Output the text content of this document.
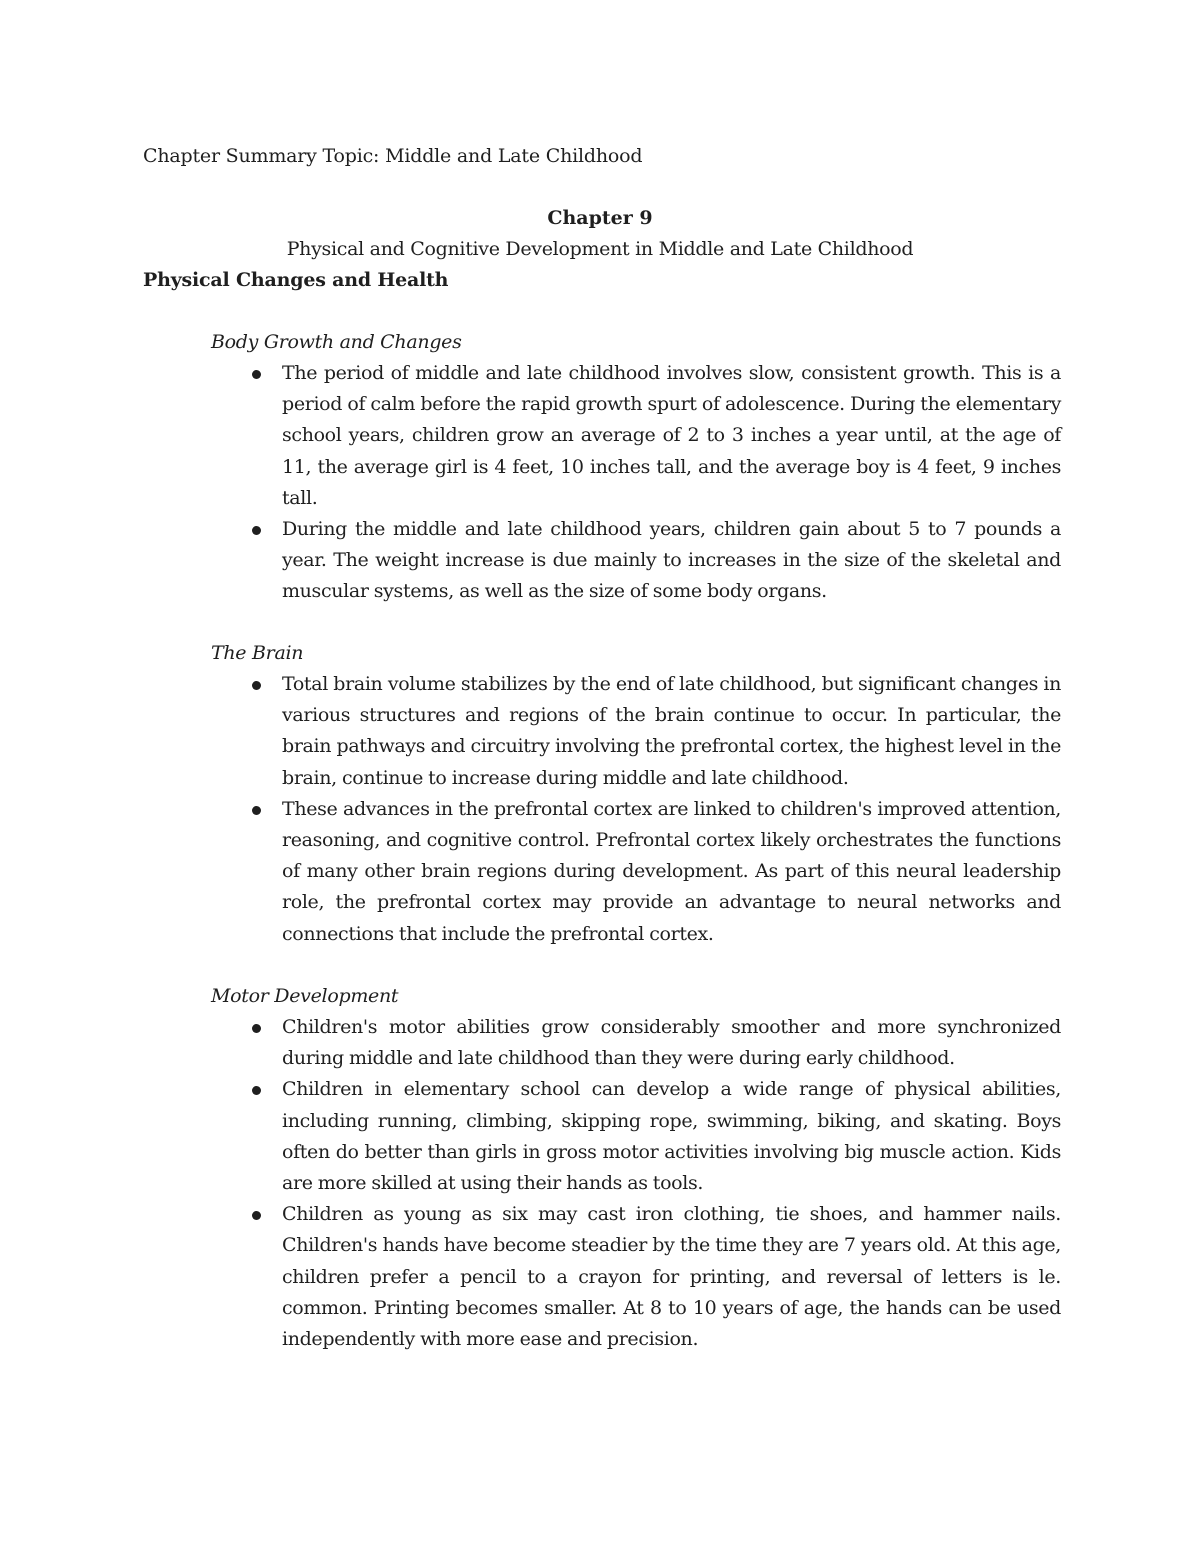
Chapter Summary Topic: Middle and Late Childhood
Chapter 9
Physical and Cognitive Development in Middle and Late Childhood
Physical Changes and Health
Body Growth and Changes
The period of middle and late childhood involves slow, consistent growth. This is a period of calm before the rapid growth spurt of adolescence. During the elementary school years, children grow an average of 2 to 3 inches a year until, at the age of 11, the average girl is 4 feet, 10 inches tall, and the average boy is 4 feet, 9 inches tall.
During the middle and late childhood years, children gain about 5 to 7 pounds a year. The weight increase is due mainly to increases in the size of the skeletal and muscular systems, as well as the size of some body organs.
The Brain
Total brain volume stabilizes by the end of late childhood, but significant changes in various structures and regions of the brain continue to occur. In particular, the brain pathways and circuitry involving the prefrontal cortex, the highest level in the brain, continue to increase during middle and late childhood.
These advances in the prefrontal cortex are linked to children's improved attention, reasoning, and cognitive control. Prefrontal cortex likely orchestrates the functions of many other brain regions during development. As part of this neural leadership role, the prefrontal cortex may provide an advantage to neural networks and connections that include the prefrontal cortex.
Motor Development
Children's motor abilities grow considerably smoother and more synchronized during middle and late childhood than they were during early childhood.
Children in elementary school can develop a wide range of physical abilities, including running, climbing, skipping rope, swimming, biking, and skating. Boys often do better than girls in gross motor activities involving big muscle action. Kids are more skilled at using their hands as tools.
Children as young as six may cast iron clothing, tie shoes, and hammer nails. Children's hands have become steadier by the time they are 7 years old. At this age, children prefer a pencil to a crayon for printing, and reversal of letters is le. common. Printing becomes smaller. At 8 to 10 years of age, the hands can be used independently with more ease and precision.
